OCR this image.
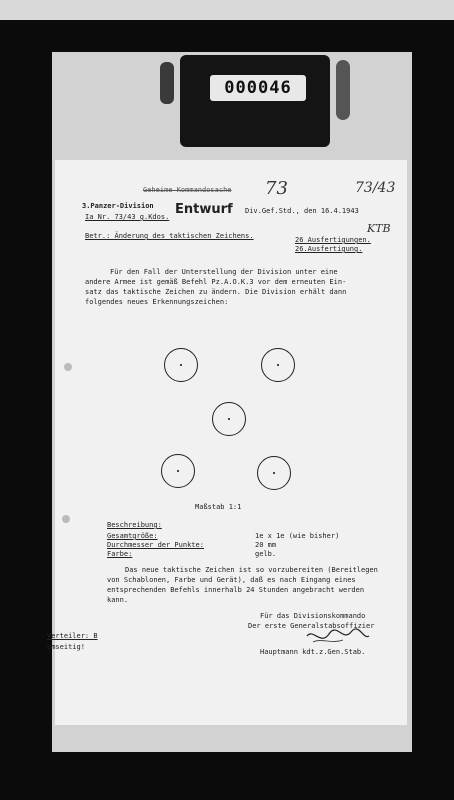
000046
Geheime Kommandosache 73	73/43
KTB
3.Panzer-Division
Ia Nr. 73/43 g.Kdos. Entwurf Div.Gef.Std., den 16.4.1943
Betr.: Änderung des taktischen Zeichens.	26 Ausfertigungen.
26.Ausfertigung.
Für den Fall der Unterstellung der Division unter eine
andere Armee ist gemäß Befehl Pz.A.O.K.3 vor dem erneuten Ein-
satz das taktische Zeichen zu ändern. Die Division erhält dann
folgendes neues Erkennungszeichen:
Maßstab 1:1
Beschreibung:
Gesamtgröße:	1e x 1e (wie bisher)
Durchmesser der Punkte:	20 mm
Farbe:	gelb.
Das neue taktische Zeichen ist so vorzubereiten (Bereitlegen
von Schablonen, Farbe und Gerät), daß es nach Eingang eines
entsprechenden Befehls innerhalb 24 Stunden angebracht werden
kann.
Für das Divisionskommando
Der erste Generalstabsoffizier
Hauptmann kdt.z.Gen.Stab.
Verteiler: B
umseitig!
